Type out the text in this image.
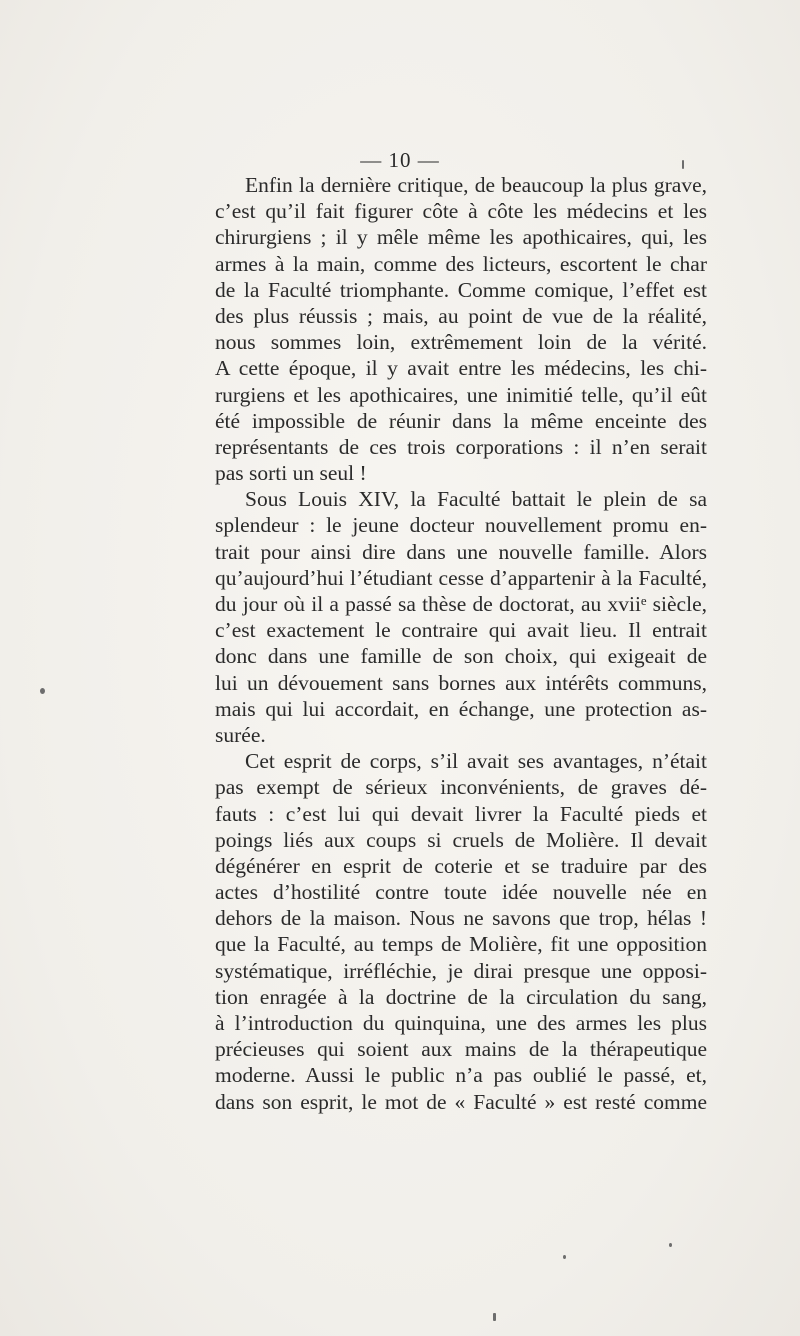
— 10 —
Enfin la dernière critique, de beaucoup la plus grave,
c’est qu’il fait figurer côte à côte les médecins et les
chirurgiens ; il y mêle même les apothicaires, qui, les
armes à la main, comme des licteurs, escortent le char
de la Faculté triomphante. Comme comique, l’effet est
des plus réussis ; mais, au point de vue de la réalité,
nous sommes loin, extrêmement loin de la vérité.
A cette époque, il y avait entre les médecins, les chi-
rurgiens et les apothicaires, une inimitié telle, qu’il eût
été impossible de réunir dans la même enceinte des
représentants de ces trois corporations : il n’en serait
pas sorti un seul !
Sous Louis XIV, la Faculté battait le plein de sa
splendeur : le jeune docteur nouvellement promu en-
trait pour ainsi dire dans une nouvelle famille. Alors
qu’aujourd’hui l’étudiant cesse d’appartenir à la Faculté,
du jour où il a passé sa thèse de doctorat, au xviiᵉ siècle,
c’est exactement le contraire qui avait lieu. Il entrait
donc dans une famille de son choix, qui exigeait de
lui un dévouement sans bornes aux intérêts communs,
mais qui lui accordait, en échange, une protection as-
surée.
Cet esprit de corps, s’il avait ses avantages, n’était
pas exempt de sérieux inconvénients, de graves dé-
fauts : c’est lui qui devait livrer la Faculté pieds et
poings liés aux coups si cruels de Molière. Il devait
dégénérer en esprit de coterie et se traduire par des
actes d’hostilité contre toute idée nouvelle née en
dehors de la maison. Nous ne savons que trop, hélas !
que la Faculté, au temps de Molière, fit une opposition
systématique, irréfléchie, je dirai presque une opposi-
tion enragée à la doctrine de la circulation du sang,
à l’introduction du quinquina, une des armes les plus
précieuses qui soient aux mains de la thérapeutique
moderne. Aussi le public n’a pas oublié le passé, et,
dans son esprit, le mot de « Faculté » est resté comme
